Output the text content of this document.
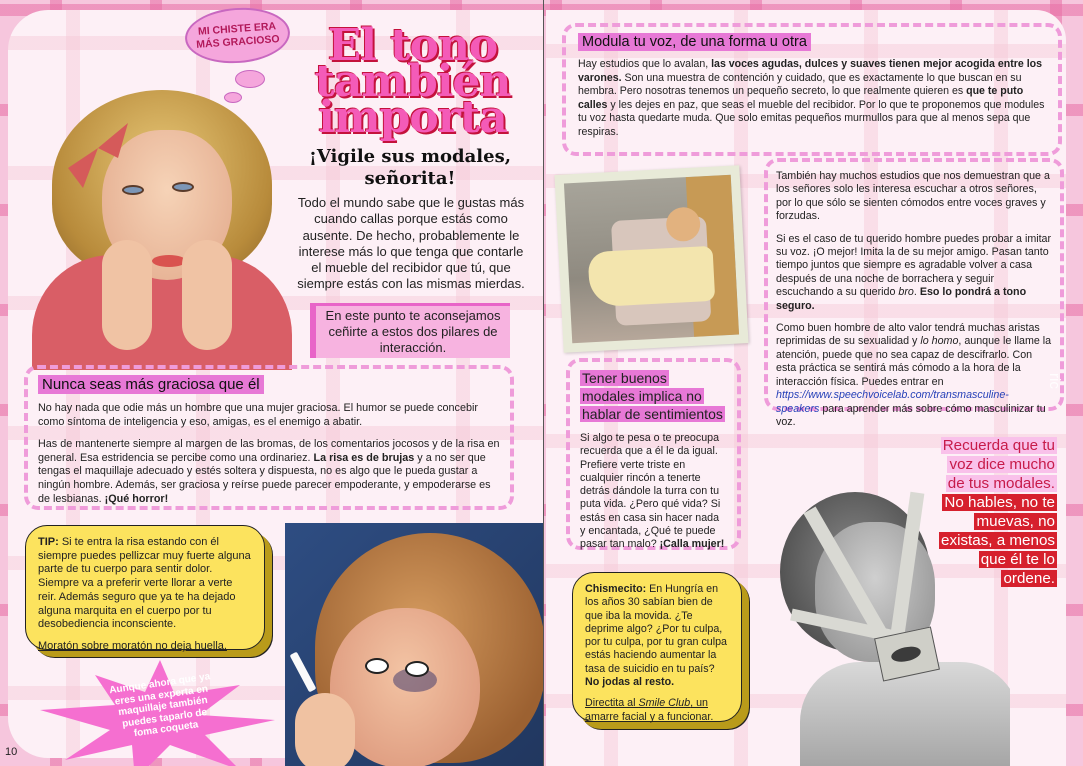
MI CHISTE ERA MÁS GRACIOSO	El tono también importa
¡Vigile sus modales, señorita!
Todo el mundo sabe que le gustas más cuando callas porque estás como ausente. De hecho, probablemente le interese más lo que tenga que contarle el mueble del recibidor que tú, que siempre estás con las mismas mierdas.
En este punto te aconsejamos ceñirte a estos dos pilares de interacción.
Nunca seas más graciosa que él

No hay nada que odie más un hombre que una mujer graciosa. El humor se puede concebir como síntoma de inteligencia y eso, amigas, es el enemigo a abatir.

Has de mantenerte siempre al margen de las bromas, de los comentarios jocosos y de la risa en general. Esa estridencia se percibe como una ordinariez. La risa es de brujas y a no ser que tengas el maquillaje adecuado y estés soltera y dispuesta, no es algo que le pueda gustar a ningún hombre. Además, ser graciosa y reírse puede parecer empoderante, y empoderarse es de lesbianas. ¡Qué horror!

TIP: Si te entra la risa estando con él siempre puedes pellizcar muy fuerte alguna parte de tu cuerpo para sentir dolor. Siempre va a preferir verte llorar a verte reir. Además seguro que ya te ha dejado alguna marquita en el cuerpo por tu desobediencia inconsciente.
Moratón sobre moratón no deja huella.
Aunque ahora que ya eres una experta en maquillaje también puedes taparlo de foma coqueta
10
Modula tu voz, de una forma u otra
Hay estudios que lo avalan, las voces agudas, dulces y suaves tienen mejor acogida entre los varones. Son una muestra de contención y cuidado, que es exactamente lo que buscan en su hembra. Pero nosotras tenemos un pequeño secreto, lo que realmente quieren es que te puto calles y les dejes en paz, que seas el mueble del recibidor. Por lo que te proponemos que modules tu voz hasta quedarte muda. Que solo emitas pequeños murmullos para que al menos sepa que respiras.

También hay muchos estudios que nos demuestran que a los señores solo les interesa escuchar a otros señores, por lo que sólo se sienten cómodos entre voces graves y forzudas.

Si es el caso de tu querido hombre puedes probar a imitar su voz. ¡O mejor! Imita la de su mejor amigo. Pasan tanto tiempo juntos que siempre es agradable volver a casa después de una noche de borrachera y seguir escuchando a su querido bro. Eso lo pondrá a tono seguro.

Como buen hombre de alto valor tendrá muchas aristas reprimidas de su sexualidad y lo homo, aunque le llame la atención, puede que no sea capaz de descifrarlo. Con esta práctica se sentirá más cómodo a la hora de la interacción física. Puedes entrar en https://www.speechvoicelab.com/transmasculine-speakers para aprender más sobre cómo masculinizar tu voz.

Tener buenos
modales implica no
hablar de sentimientos
Si algo te pesa o te preocupa recuerda que a él le da igual. Prefiere verte triste en cualquier rincón a tenerte detrás dándole la turra con tu puta vida. ¿Pero qué vida? Si estás en casa sin hacer nada y encantada, ¿Qué te puede pasar tan malo? ¡Calla mujer!
Chismecito: En Hungría en los años 30 sabían bien de que iba la movida. ¿Te deprime algo? ¿Por tu culpa, por tu culpa, por tu gran culpa estás haciendo aumentar la tasa de suicidio en tu país? No jodas al resto.
Directita al Smile Club, un amarre facial y a funcionar.
ric
Recuerda que tu
voz dice mucho
de tus modales.
No hables, no te
muevas, no
existas, a menos
que él te lo
ordene.
